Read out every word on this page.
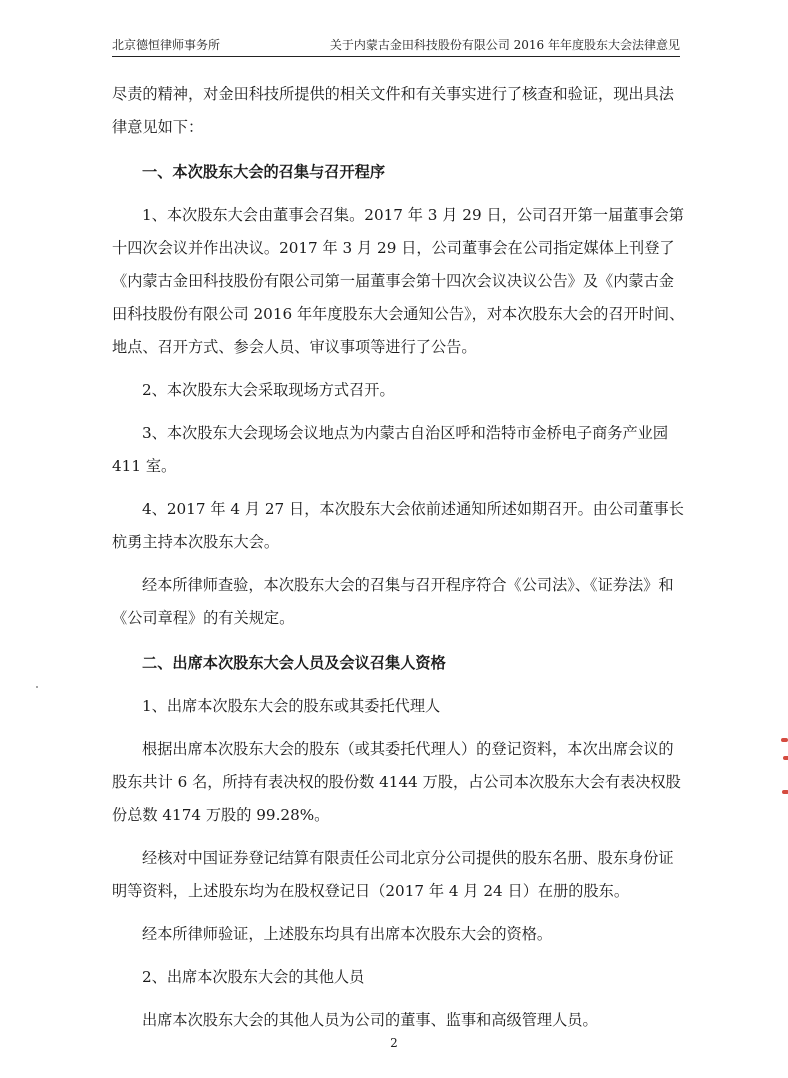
北京德恒律师事务所	关于内蒙古金田科技股份有限公司 2016 年年度股东大会法律意见

尽责的精神，对金田科技所提供的相关文件和有关事实进行了核查和验证，现出具法律意见如下：

一、本次股东大会的召集与召开程序

1、本次股东大会由董事会召集。2017 年 3 月 29 日，公司召开第一届董事会第十四次会议并作出决议。2017 年 3 月 29 日，公司董事会在公司指定媒体上刊登了《内蒙古金田科技股份有限公司第一届董事会第十四次会议决议公告》及《内蒙古金田科技股份有限公司 2016 年年度股东大会通知公告》，对本次股东大会的召开时间、地点、召开方式、参会人员、审议事项等进行了公告。

2、本次股东大会采取现场方式召开。

3、本次股东大会现场会议地点为内蒙古自治区呼和浩特市金桥电子商务产业园 411 室。

4、2017 年 4 月 27 日，本次股东大会依前述通知所述如期召开。由公司董事长杭勇主持本次股东大会。

经本所律师查验，本次股东大会的召集与召开程序符合《公司法》、《证券法》和《公司章程》的有关规定。

二、出席本次股东大会人员及会议召集人资格

1、出席本次股东大会的股东或其委托代理人

根据出席本次股东大会的股东（或其委托代理人）的登记资料，本次出席会议的股东共计 6 名，所持有表决权的股份数 4144 万股，占公司本次股东大会有表决权股份总数 4174 万股的 99.28%。

经核对中国证券登记结算有限责任公司北京分公司提供的股东名册、股东身份证明等资料，上述股东均为在股权登记日（2017 年 4 月 24 日）在册的股东。

经本所律师验证，上述股东均具有出席本次股东大会的资格。

2、出席本次股东大会的其他人员

出席本次股东大会的其他人员为公司的董事、监事和高级管理人员。

2
